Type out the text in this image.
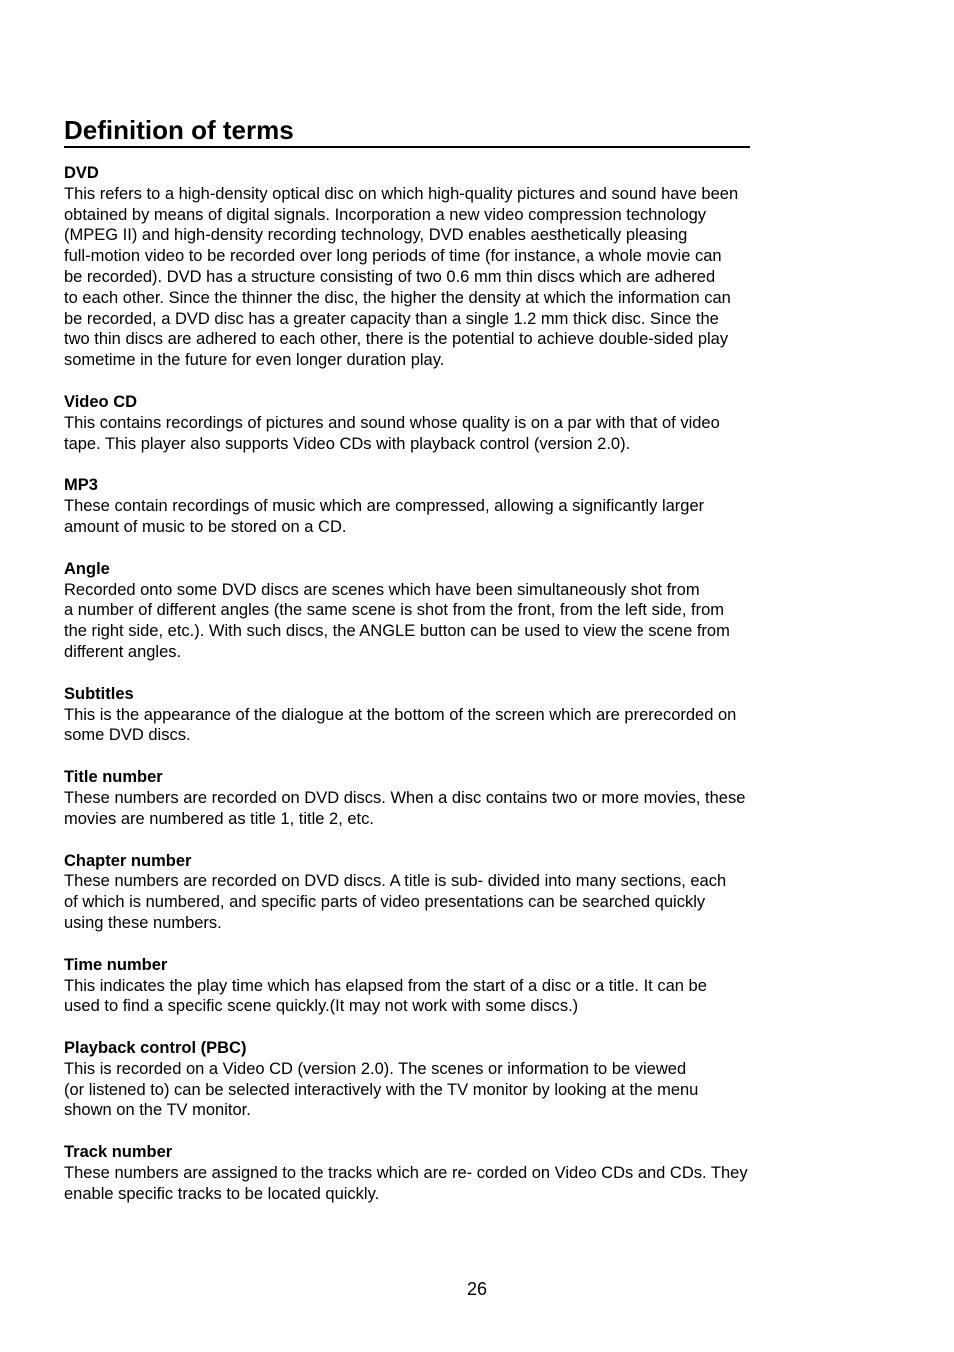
Definition of terms

DVD

This refers to a high-density optical disc on which high-quality pictures and sound have been
obtained by means of digital signals. Incorporation a new video compression technology
(MPEG II) and high-density recording technology, DVD enables aesthetically pleasing
full-motion video to be recorded over long periods of time (for instance, a whole movie can
be recorded). DVD has a structure consisting of two 0.6 mm thin discs which are adhered
to each other. Since the thinner the disc, the higher the density at which the information can
be recorded, a DVD disc has a greater capacity than a single 1.2 mm thick disc. Since the
two thin discs are adhered to each other, there is the potential to achieve double-sided play
sometime in the future for even longer duration play.

Video CD

This contains recordings of pictures and sound whose quality is on a par with that of video
tape. This player also supports Video CDs with playback control (version 2.0).

MP3

These contain recordings of music which are compressed, allowing a significantly larger
amount of music to be stored on a CD.

Angle

Recorded onto some DVD discs are scenes which have been simultaneously shot from
a number of different angles (the same scene is shot from the front, from the left side, from
the right side, etc.). With such discs, the ANGLE button can be used to view the scene from
different angles.

Subtitles

This is the appearance of the dialogue at the bottom of the screen which are prerecorded on
some DVD discs.

Title number

These numbers are recorded on DVD discs. When a disc contains two or more movies, these
movies are numbered as title 1, title 2, etc.

Chapter number

These numbers are recorded on DVD discs. A title is sub- divided into many sections, each
of which is numbered, and specific parts of video presentations can be searched quickly
using these numbers.

Time number

This indicates the play time which has elapsed from the start of a disc or a title. It can be
used to find a specific scene quickly.(It may not work with some discs.)

Playback control (PBC)

This is recorded on a Video CD (version 2.0). The scenes or information to be viewed
(or listened to) can be selected interactively with the TV monitor by looking at the menu
shown on the TV monitor.

Track number

These numbers are assigned to the tracks which are re- corded on Video CDs and CDs. They
enable specific tracks to be located quickly.

26
